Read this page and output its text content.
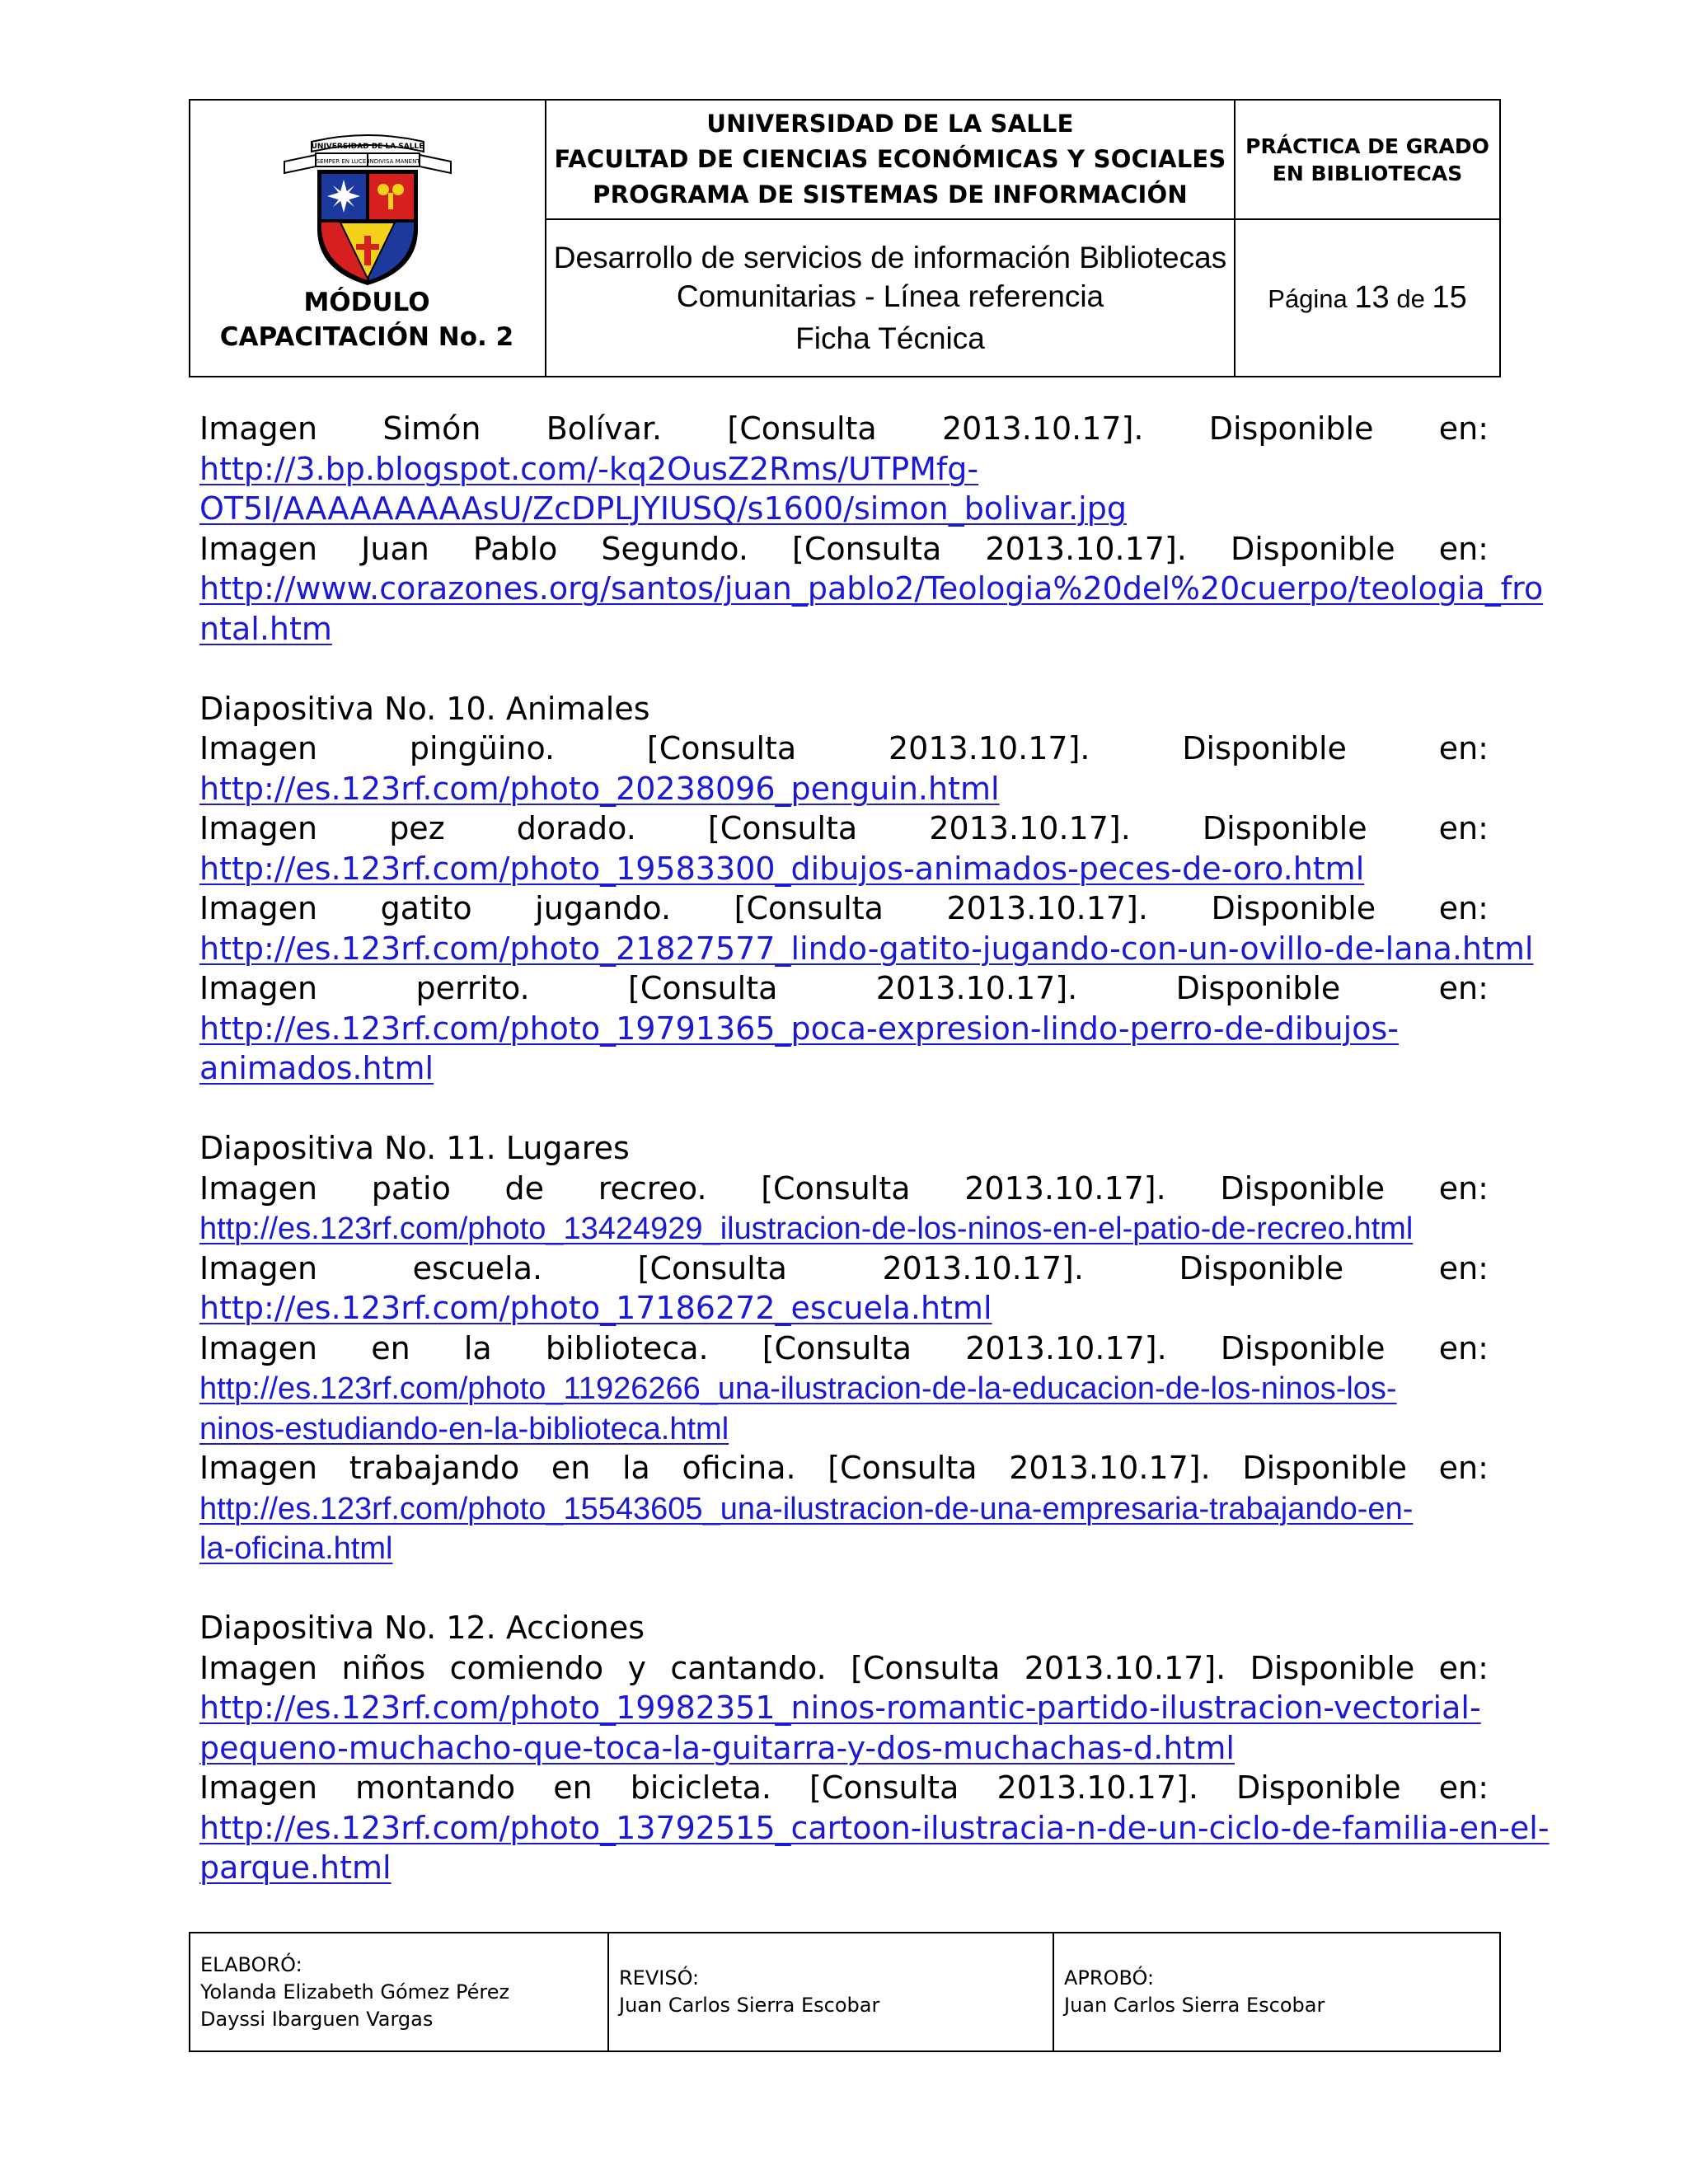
UNIVERSIDAD DE LA SALLE
SEMPER EN LUCE INDIVISA MANENT
MÓDULO
CAPACITACIÓN No. 2
UNIVERSIDAD DE LA SALLE
FACULTAD DE CIENCIAS ECONÓMICAS Y SOCIALES
PROGRAMA DE SISTEMAS DE INFORMACIÓN
Desarrollo de servicios de información Bibliotecas
Comunitarias - Línea referencia
Ficha Técnica
PRÁCTICA DE GRADO
EN BIBLIOTECAS
Página 13 de 15
Imagen Simón Bolívar. [Consulta 2013.10.17]. Disponible en:
http://3.bp.blogspot.com/-kq2OusZ2Rms/UTPMfg-
OT5I/AAAAAAAAAsU/ZcDPLJYIUSQ/s1600/simon_bolivar.jpg
Imagen Juan Pablo Segundo. [Consulta 2013.10.17]. Disponible en:
http://www.corazones.org/santos/juan_pablo2/Teologia%20del%20cuerpo/teologia_fro
ntal.htm
Diapositiva No. 10. Animales
Imagen	pingüino.	[Consulta	2013.10.17].	Disponible	en:
http://es.123rf.com/photo_20238096_penguin.html
Imagen pez dorado. [Consulta 2013.10.17]. Disponible en:
http://es.123rf.com/photo_19583300_dibujos-animados-peces-de-oro.html
Imagen gatito jugando. [Consulta 2013.10.17]. Disponible en:
http://es.123rf.com/photo_21827577_lindo-gatito-jugando-con-un-ovillo-de-lana.html
Imagen	perrito.	[Consulta	2013.10.17].	Disponible	en:
http://es.123rf.com/photo_19791365_poca-expresion-lindo-perro-de-dibujos-
animados.html
Diapositiva No. 11. Lugares
Imagen patio de recreo. [Consulta 2013.10.17]. Disponible en:
http://es.123rf.com/photo_13424929_ilustracion-de-los-ninos-en-el-patio-de-recreo.html
Imagen	escuela.	[Consulta	2013.10.17].	Disponible	en:
http://es.123rf.com/photo_17186272_escuela.html
Imagen en la biblioteca. [Consulta 2013.10.17]. Disponible en:
http://es.123rf.com/photo_11926266_una-ilustracion-de-la-educacion-de-los-ninos-los-
ninos-estudiando-en-la-biblioteca.html
Imagen trabajando en la oficina. [Consulta 2013.10.17]. Disponible en:
http://es.123rf.com/photo_15543605_una-ilustracion-de-una-empresaria-trabajando-en-
la-oficina.html
Diapositiva No. 12. Acciones
Imagen niños comiendo y cantando. [Consulta 2013.10.17]. Disponible en:
http://es.123rf.com/photo_19982351_ninos-romantic-partido-ilustracion-vectorial-
pequeno-muchacho-que-toca-la-guitarra-y-dos-muchachas-d.html
Imagen montando en bicicleta. [Consulta 2013.10.17]. Disponible en:
http://es.123rf.com/photo_13792515_cartoon-ilustracia-n-de-un-ciclo-de-familia-en-el-
parque.html
ELABORÓ:
Yolanda Elizabeth Gómez Pérez
Dayssi Ibarguen Vargas
REVISÓ:
Juan Carlos Sierra Escobar
APROBÓ:
Juan Carlos Sierra Escobar
